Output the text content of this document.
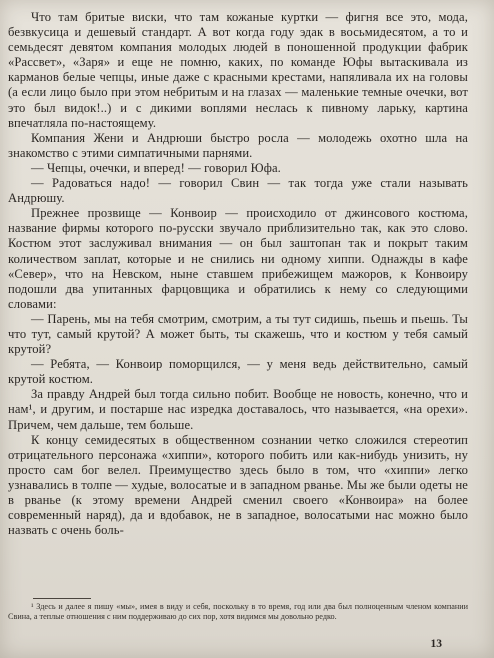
Что там бритые виски, что там кожаные куртки — фигня все это, мода, безвкусица и дешевый стандарт. А вот когда году эдак в восьмидесятом, а то и семьдесят девятом компания молодых людей в поношенной продукции фабрик «Рассвет», «Заря» и еще не помню, каких, по команде Юфы вытаскивала из карманов белые чепцы, иные даже с красными крестами, напяливала их на головы (а если лицо было при этом небритым и на глазах — маленькие темные очечки, вот это был видок!..) и с дикими воплями неслась к пивному ларьку, картина впечатляла по-настоящему.

Компания Жени и Андрюши быстро росла — молодежь охотно шла на знакомство с этими симпатичными парнями.

— Чепцы, очечки, и вперед! — говорил Юфа.

— Радоваться надо! — говорил Свин — так тогда уже стали называть Андрюшу.

Прежнее прозвище — Конвоир — происходило от джинсового костюма, название фирмы которого по-русски звучало приблизительно так, как это слово. Костюм этот заслуживал внимания — он был заштопан так и покрыт таким количеством заплат, которые и не снились ни одному хиппи. Однажды в кафе «Север», что на Невском, ныне ставшем прибежищем мажоров, к Конвоиру подошли два упитанных фарцовщика и обратились к нему со следующими словами:

— Парень, мы на тебя смотрим, смотрим, а ты тут сидишь, пьешь и пьешь. Ты что тут, самый крутой? А может быть, ты скажешь, что и костюм у тебя самый крутой?

— Ребята, — Конвоир поморщился, — у меня ведь действительно, самый крутой костюм.

За правду Андрей был тогда сильно побит. Вообще не новость, конечно, что и нам¹, и другим, и постарше нас изредка доставалось, что называется, «на орехи». Причем, чем дальше, тем больше.

К концу семидесятых в общественном сознании четко сложился стереотип отрицательного персонажа «хиппи», которого побить или как-нибудь унизить, ну просто сам бог велел. Преимущество здесь было в том, что «хиппи» легко узнавались в толпе — худые, волосатые и в западном рванье. Мы же были одеты не в рванье (к этому времени Андрей сменил своего «Конвоира» на более современный наряд), да и вдобавок, не в западное, волосатыми нас можно было назвать с очень боль-

¹ Здесь и далее я пишу «мы», имея в виду и себя, поскольку в то время, год или два был полноценным членом компании Свина, а теплые отношения с ним поддерживаю до сих пор, хотя видимся мы довольно редко.
13
